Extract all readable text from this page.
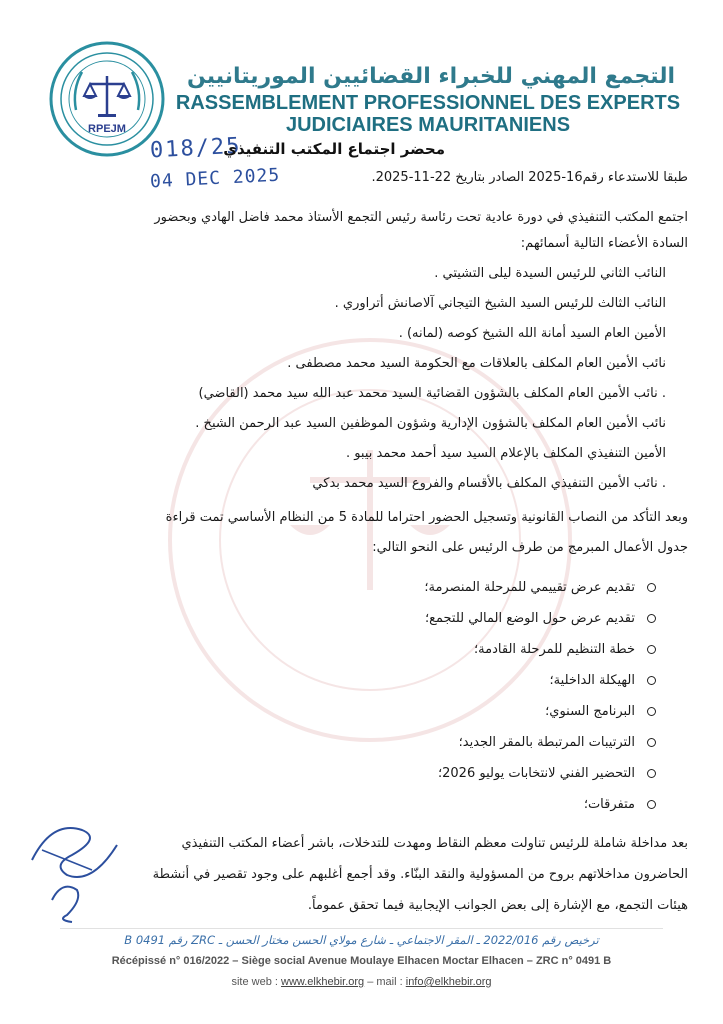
RPEJM
التجمع المهني للخبراء القضائيين الموريتانيين
RASSEMBLEMENT PROFESSIONNEL DES EXPERTS
JUDICIAIRES MAURITANIENS
018/25
04 DEC 2025
محضر اجتماع المكتب التنفيذي
طبقا للاستدعاء رقم16-2025 الصادر بتاريخ 22-11-2025.
اجتمع المكتب التنفيذي في دورة عادية تحت رئاسة رئيس التجمع الأستاذ محمد فاضل الهادي وبحضور
السادة الأعضاء التالية أسمائهم:
النائب الثاني للرئيس السيدة ليلى التشيتي .
النائب الثالث للرئيس السيد الشيخ التيجاني آلاصانش أتراوري .
الأمين العام السيد أمانة الله الشيخ كوصه (لمانه) .
نائب الأمين العام المكلف بالعلاقات مع الحكومة السيد محمد مصطفى .
. نائب الأمين العام المكلف بالشؤون القضائية السيد محمد عبد الله سيد محمد (القاضي)
نائب الأمين العام المكلف بالشؤون الإدارية وشؤون الموظفين السيد عبد الرحمن الشيخ .
الأمين التنفيذي المكلف بالإعلام السيد سيد أحمد محمد بيبو .
. نائب الأمين التنفيذي المكلف بالأقسام والفروع السيد محمد بدكي
وبعد التأكد من النصاب القانونية وتسجيل الحضور احتراما للمادة 5 من النظام الأساسي تمت قراءة
جدول الأعمال المبرمج من طرف الرئيس على النحو التالي:
تقديم عرض تقييمي للمرحلة المنصرمة؛
تقديم عرض حول الوضع المالي للتجمع؛
خطة التنظيم للمرحلة القادمة؛
الهيكلة الداخلية؛
البرنامج السنوي؛
الترتيبات المرتبطة بالمقر الجديد؛
التحضير الفني لانتخابات يوليو 2026؛
متفرقات؛
بعد مداخلة شاملة للرئيس تناولت معظم النقاط ومهدت للتدخلات، باشر أعضاء المكتب التنفيذي
الحاضرون مداخلاتهم بروح من المسؤولية والنقد البنّاء. وقد أجمع أغلبهم على وجود تقصير في أنشطة
هيئات التجمع، مع الإشارة إلى بعض الجوانب الإيجابية فيما تحقق عموماً.
ترخيص رقم 2022/016 ـ المقر الاجتماعي ـ شارع مولاي الحسن مختار الحسن ـ ZRC رقم 0491 B
Récépissé n° 016/2022 – Siège social Avenue Moulaye Elhacen Moctar Elhacen – ZRC n° 0491 B
site web : www.elkhebir.org – mail : info@elkhebir.org
